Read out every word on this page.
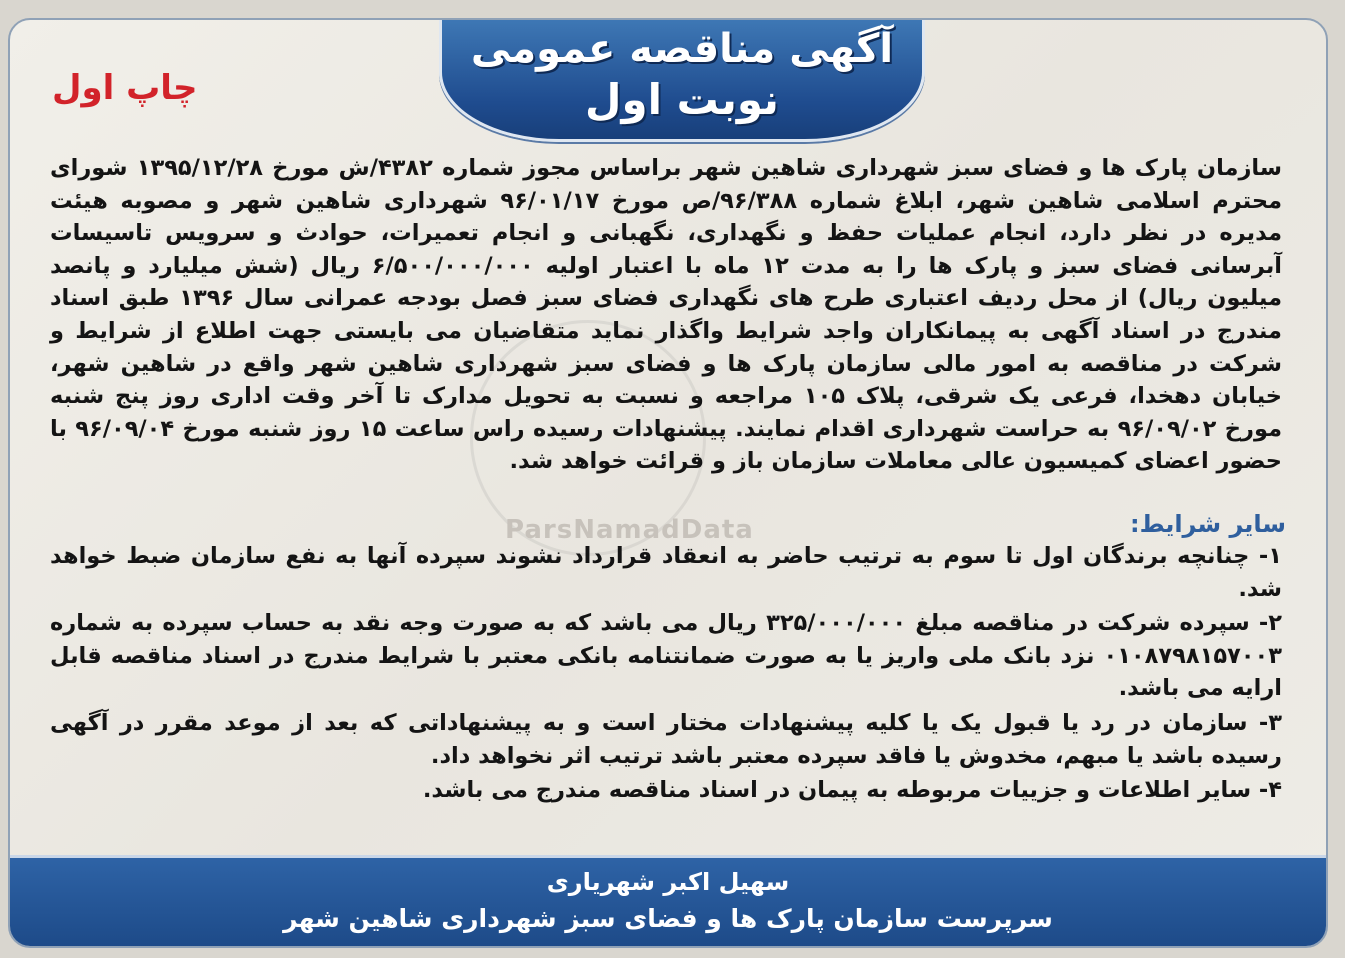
ParsNamadData
آگهی مناقصه عمومی
نوبت اول
چاپ اول

سازمان پارک ها و فضای سبز شهرداری شاهین شهر براساس مجوز شماره ۴۳۸۲/ش مورخ ۱۳۹۵/۱۲/۲۸ شورای محترم اسلامی شاهین شهر، ابلاغ شماره ۹۶/۳۸۸/ص مورخ ۹۶/۰۱/۱۷ شهرداری شاهین شهر و مصوبه هیئت مدیره در نظر دارد، انجام عملیات حفظ و نگهداری، نگهبانی و انجام تعمیرات، حوادث و سرویس تاسیسات آبرسانی فضای سبز و پارک ها را به مدت ۱۲ ماه با اعتبار اولیه ۶/۵۰۰/۰۰۰/۰۰۰ ریال (شش میلیارد و پانصد میلیون ریال) از محل ردیف اعتباری طرح های نگهداری فضای سبز فصل بودجه عمرانی سال ۱۳۹۶ طبق اسناد مندرج در اسناد آگهی به پیمانکاران واجد شرایط واگذار نماید متقاضیان می بایستی جهت اطلاع از شرایط و شرکت در مناقصه به امور مالی سازمان پارک ها و فضای سبز شهرداری شاهین شهر واقع در شاهین شهر، خیابان دهخدا، فرعی یک شرقی، پلاک ۱۰۵ مراجعه و نسبت به تحویل مدارک تا آخر وقت اداری روز پنج شنبه مورخ ۹۶/۰۹/۰۲ به حراست شهرداری اقدام نمایند. پیشنهادات رسیده راس ساعت ۱۵ روز شنبه مورخ ۹۶/۰۹/۰۴ با حضور اعضای کمیسیون عالی معاملات سازمان باز و قرائت خواهد شد.

سایر شرایط:

۱- چنانچه برندگان اول تا سوم به ترتیب حاضر به انعقاد قرارداد نشوند سپرده آنها به نفع سازمان ضبط خواهد شد.

۲- سپرده شرکت در مناقصه مبلغ ۳۲۵/۰۰۰/۰۰۰ ریال می باشد که به صورت وجه نقد به حساب سپرده به شماره ۰۱۰۸۷۹۸۱۵۷۰۰۳ نزد بانک ملی واریز یا به صورت ضمانتنامه بانکی معتبر با شرایط مندرج در اسناد مناقصه قابل ارایه می باشد.

۳- سازمان در رد یا قبول یک یا کلیه پیشنهادات مختار است و به پیشنهاداتی که بعد از موعد مقرر در آگهی رسیده باشد یا مبهم، مخدوش یا فاقد سپرده معتبر باشد ترتیب اثر نخواهد داد.

۴- سایر اطلاعات و جزییات مربوطه به پیمان در اسناد مناقصه مندرج می باشد.

سهیل اکبر شهریاری
سرپرست سازمان پارک ها و فضای سبز شهرداری شاهین شهر
